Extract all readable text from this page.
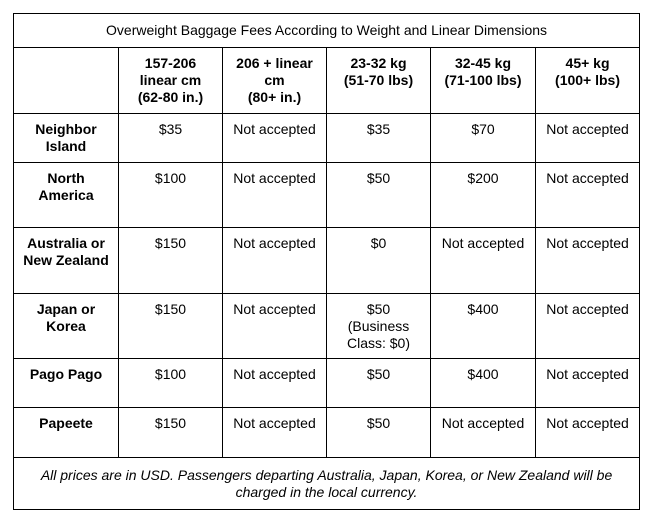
Overweight Baggage Fees According to Weight and Linear Dimensions					
	157-206
linear cm
(62-80 in.)	206 + linear
cm
(80+ in.)	23-32 kg
(51-70 lbs)	32-45 kg
(71-100 lbs)	45+ kg
(100+ lbs)
Neighbor
Island	$35	Not accepted	$35	$70	Not accepted
North
America	$100	Not accepted	$50	$200	Not accepted
Australia or
New Zealand	$150	Not accepted	$0	Not accepted	Not accepted
Japan or
Korea	$150	Not accepted	$50
(Business
Class: $0)	$400	Not accepted
Pago Pago	$100	Not accepted	$50	$400	Not accepted
Papeete	$150	Not accepted	$50	Not accepted	Not accepted
All prices are in USD. Passengers departing Australia, Japan, Korea, or New Zealand will be charged in the local currency.					
